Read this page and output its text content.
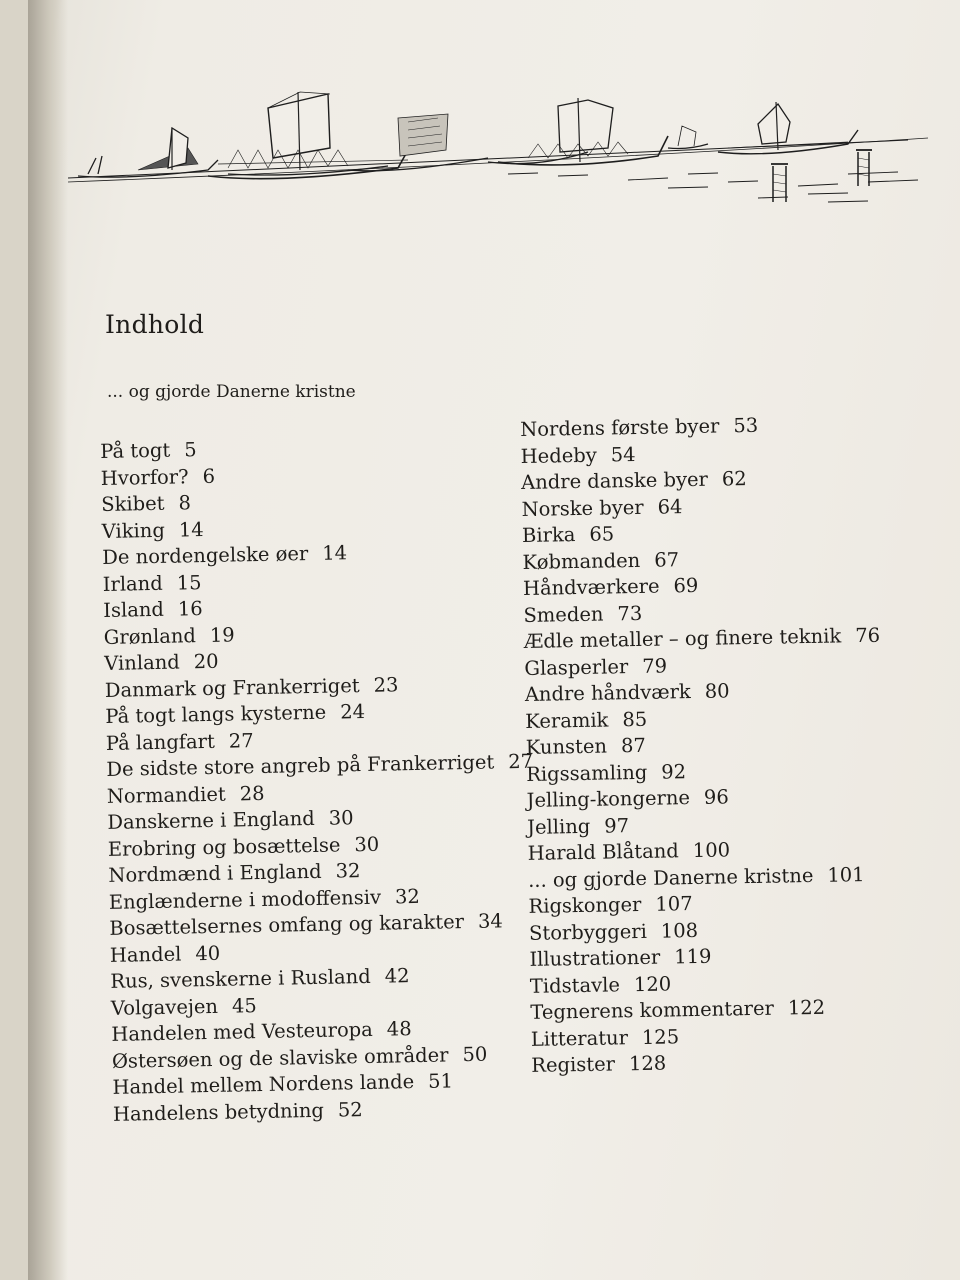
Indhold
... og gjorde Danerne kristne
På togt 5
Hvorfor? 6
Skibet 8
Viking 14
De nordengelske øer 14
Irland 15
Island 16
Grønland 19
Vinland 20
Danmark og Frankerriget 23
På togt langs kysterne 24
På langfart 27
De sidste store angreb på Frankerriget 27
Normandiet 28
Danskerne i England 30
Erobring og bosættelse 30
Nordmænd i England 32
Englænderne i modoffensiv 32
Bosættelsernes omfang og karakter 34
Handel 40
Rus, svenskerne i Rusland 42
Volgavejen 45
Handelen med Vesteuropa 48
Østersøen og de slaviske områder 50
Handel mellem Nordens lande 51
Handelens betydning 52
Nordens første byer 53
Hedeby 54
Andre danske byer 62
Norske byer 64
Birka 65
Købmanden 67
Håndværkere 69
Smeden 73
Ædle metaller – og finere teknik 76
Glasperler 79
Andre håndværk 80
Keramik 85
Kunsten 87
Rigssamling 92
Jelling-kongerne 96
Jelling 97
Harald Blåtand 100
... og gjorde Danerne kristne 101
Rigskonger 107
Storbyggeri 108
Illustrationer 119
Tidstavle 120
Tegnerens kommentarer 122
Litteratur 125
Register 128
